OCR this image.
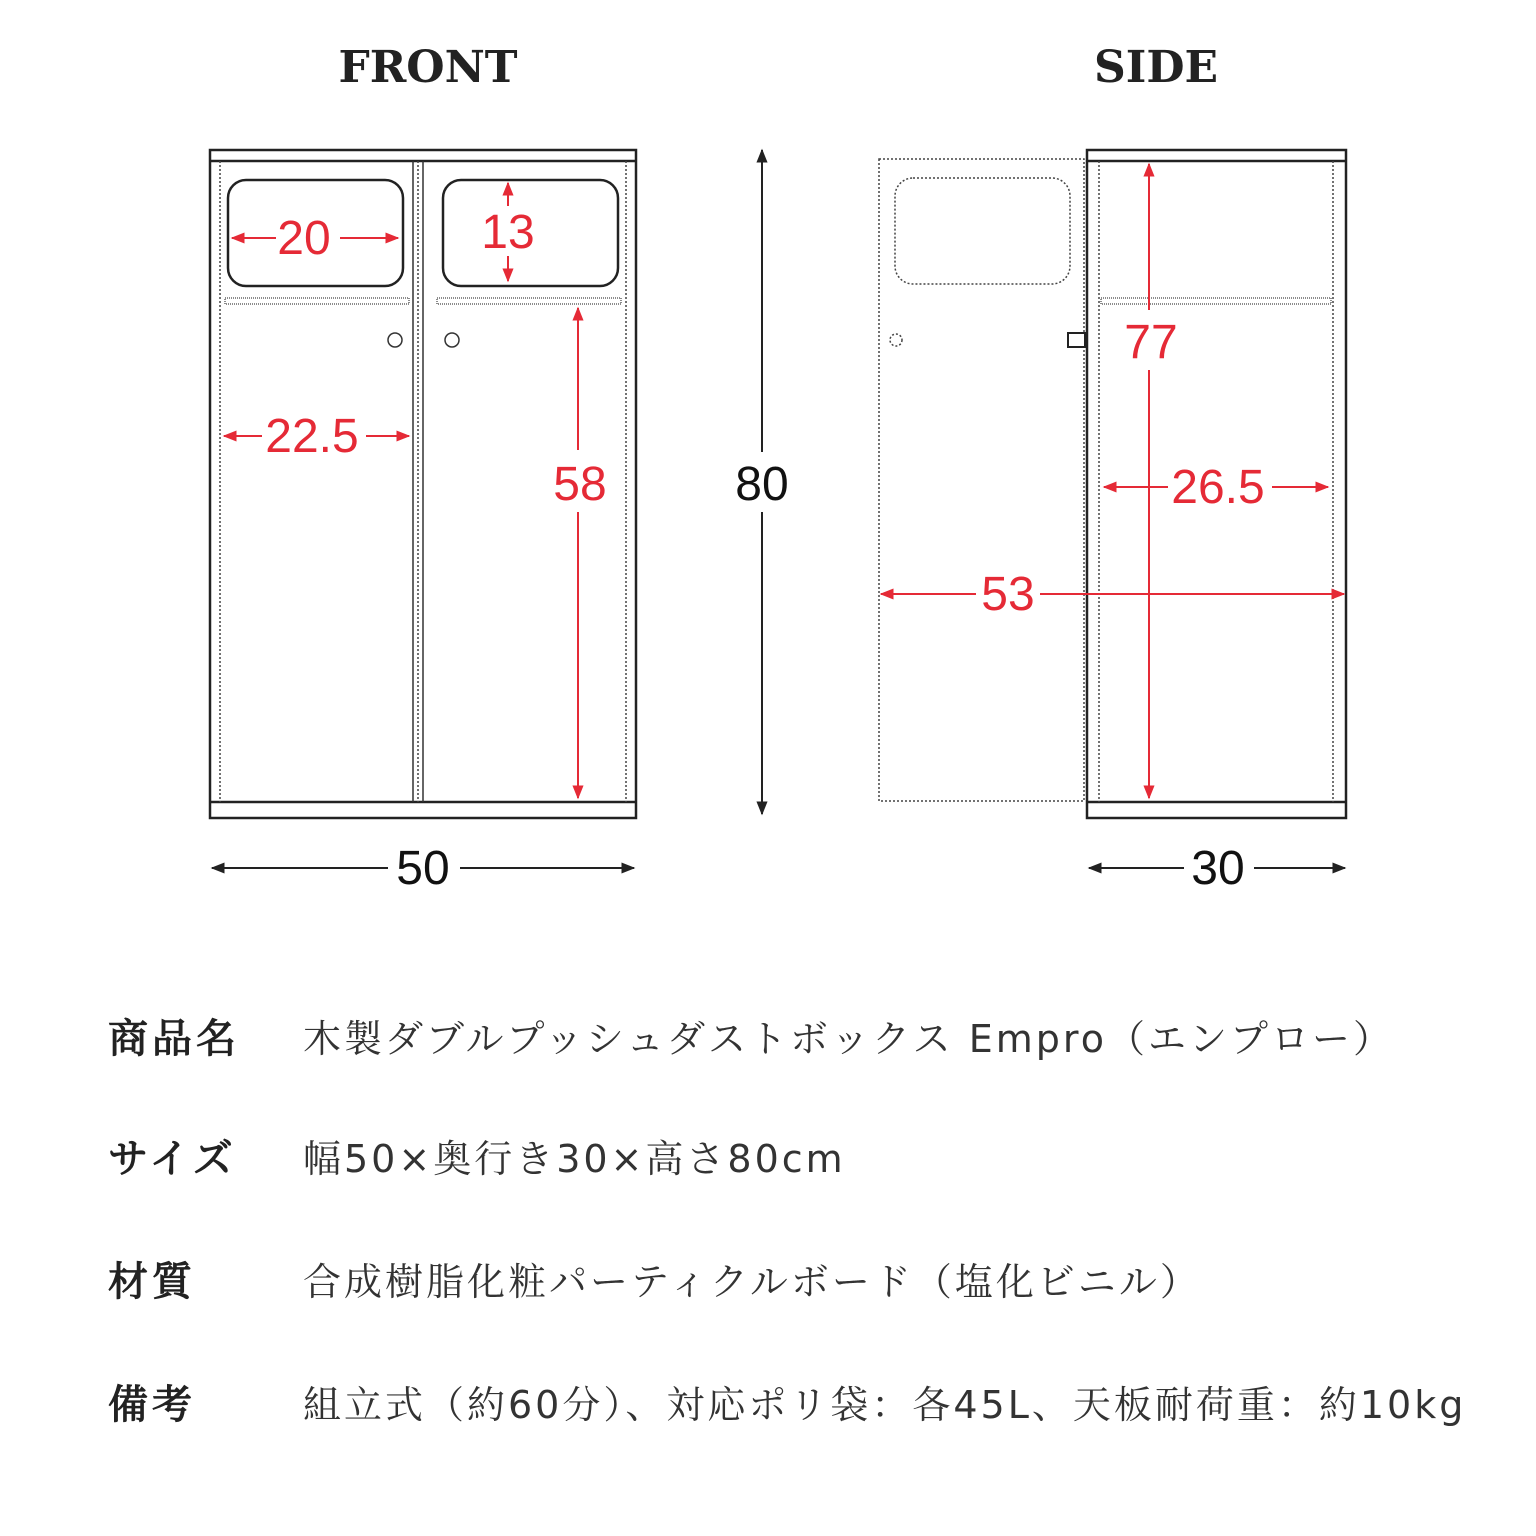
FRONT	SIDE
20	13
22.5
58
50
80
77
26.5
53
30
商品名	木製ダブルプッシュダストボックス Empro（エンプロー）
サイズ	幅50×奥行き30×高さ80cm
材質	合成樹脂化粧パーティクルボード（塩化ビニル）
備考	組立式（約60分）、対応ポリ袋：各45L、天板耐荷重：約10kg
